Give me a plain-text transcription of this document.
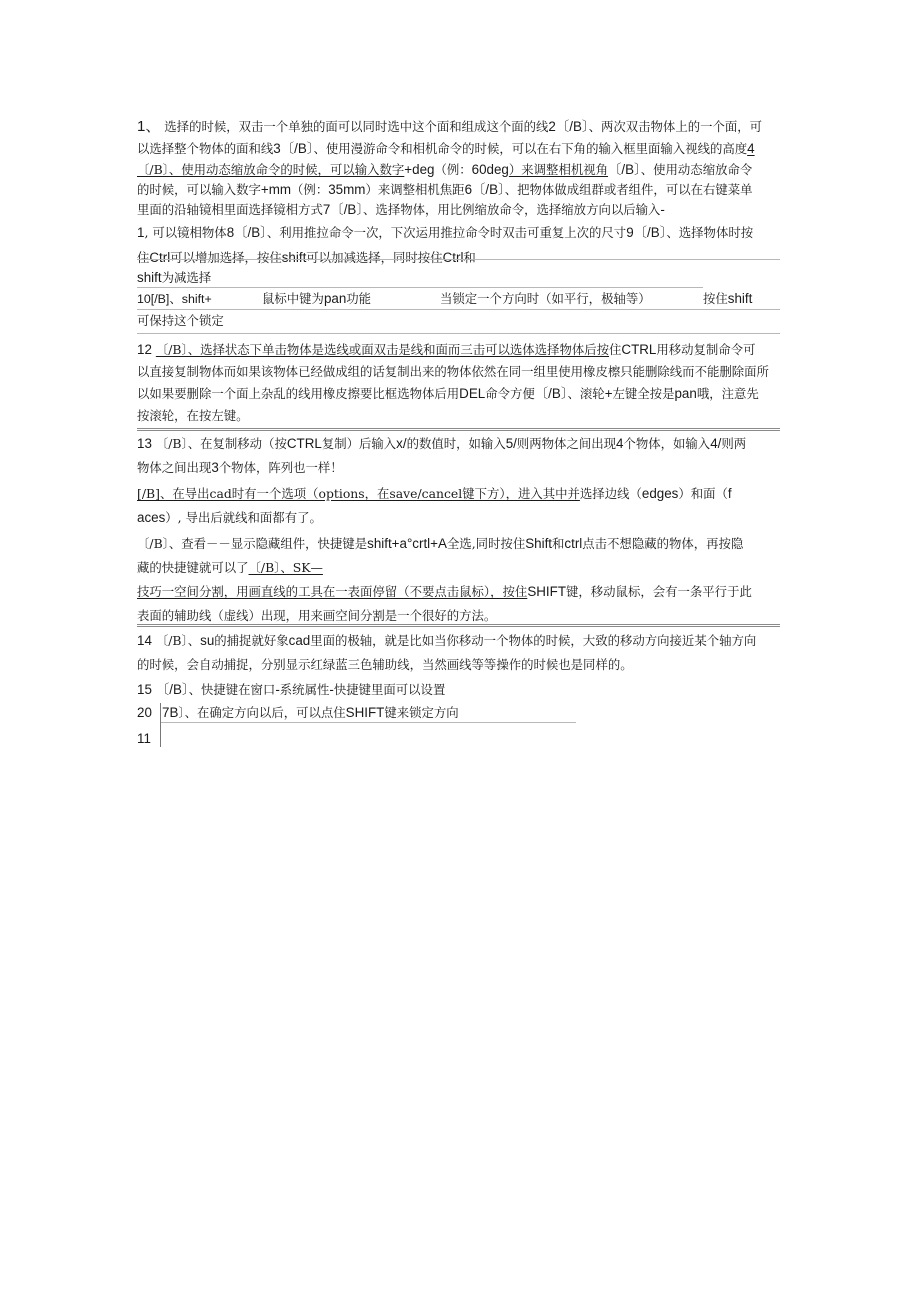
1、 选择的时候，双击一个单独的面可以同时选中这个面和组成这个面的线2〔/B〕、两次双击物体上的一个面，可
以选择整个物体的面和线3〔/B〕、使用漫游命令和相机命令的时候，可以在右下角的输入框里面输入视线的高度4
〔/B〕、使用动态缩放命令的时候，可以输入数字+deg（例：60deg）来调整相机视角〔/B〕、使用动态缩放命令
的时候，可以输入数字+mm（例：35mm）来调整相机焦距6〔/B〕、把物体做成组群或者组件，可以在右键菜单
里面的沿轴镜相里面选择镜相方式7〔/B〕、选择物体，用比例缩放命令，选择缩放方向以后输入-
1, 可以镜相物体8〔/B〕、利用推拉命令一次，下次运用推拉命令时双击可重复上次的尺寸9〔/B〕、选择物体时按
住Ctrl可以增加选择，按住shift可以加减选择，同时按住Ctrl和
shift为减选择
10[/B]、shift+	鼠标中键为pan功能	当锁定一个方向时（如平行，极轴等）	按住shift
可保持这个锁定
12 〔/B〕、选择状态下单击物体是选线或面双击是线和面而三击可以选体选择物体后按住CTRL用移动复制命令可
以直接复制物体而如果该物体已经做成组的话复制出来的物体依然在同一组里使用橡皮檫只能删除线而不能删除面所
以如果要删除一个面上杂乱的线用橡皮擦要比框选物体后用DEL命令方便〔/B〕、滚轮+左键全按是pan哦，注意先
按滚轮，在按左键。
13 〔/B〕、在复制移动（按CTRL复制）后输入x/的数值时，如输入5/则两物体之间出现4个物体，如输入4/则两
物体之间出现3个物体，阵列也一样！
[/B]、在导出cad时有一个选项（options，在save/cancel键下方），进入其中并选择边线（edges）和面（f
aces）, 导出后就线和面都有了。
〔/B〕、查看－－显示隐藏组件，快捷键是shift+a°crtl+A全选,同时按住Shift和ctrl点击不想隐藏的物体，再按隐
藏的快捷键就可以了〔/B〕、SK—
技巧一空间分割，用画直线的工具在一表面停留（不要点击鼠标），按住SHIFT键，移动鼠标，会有一条平行于此
表面的辅助线（虚线）出现，用来画空间分割是一个很好的方法。
14 〔/B〕、su的捕捉就好象cad里面的极轴，就是比如当你移动一个物体的时候，大致的移动方向接近某个轴方向
的时候，会自动捕捉，分别显示红绿蓝三色辅助线，当然画线等等操作的时候也是同样的。
15 〔/B〕、快捷键在窗口-系统属性-快捷键里面可以设置
20 7B〕、在确定方向以后，可以点住SHIFT键来锁定方向
11
